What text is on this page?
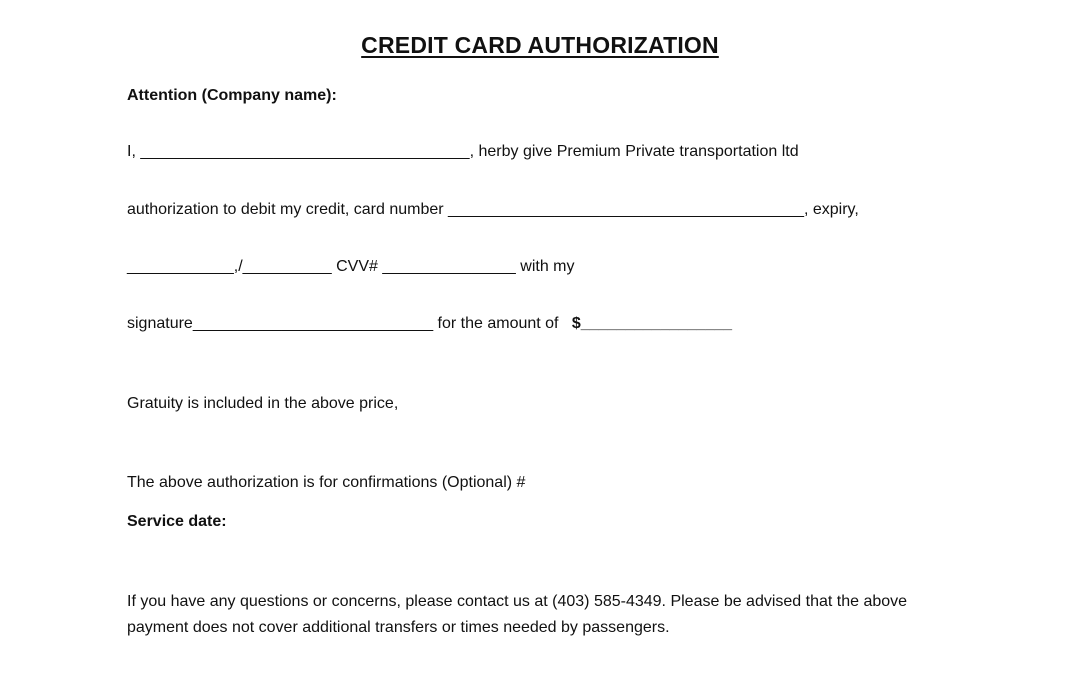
CREDIT CARD AUTHORIZATION
Attention (Company name):
I, _____________________________________, herby give Premium Private transportation ltd
authorization to debit my credit, card number ________________________________________, expiry,
____________,/__________ CVV# _______________ with my
signature___________________________ for the amount of   $_________________
Gratuity is included in the above price,
The above authorization is for confirmations (Optional) #
Service date:
If you have any questions or concerns, please contact us at (403) 585-4349. Please be advised that the above payment does not cover additional transfers or times needed by passengers.
